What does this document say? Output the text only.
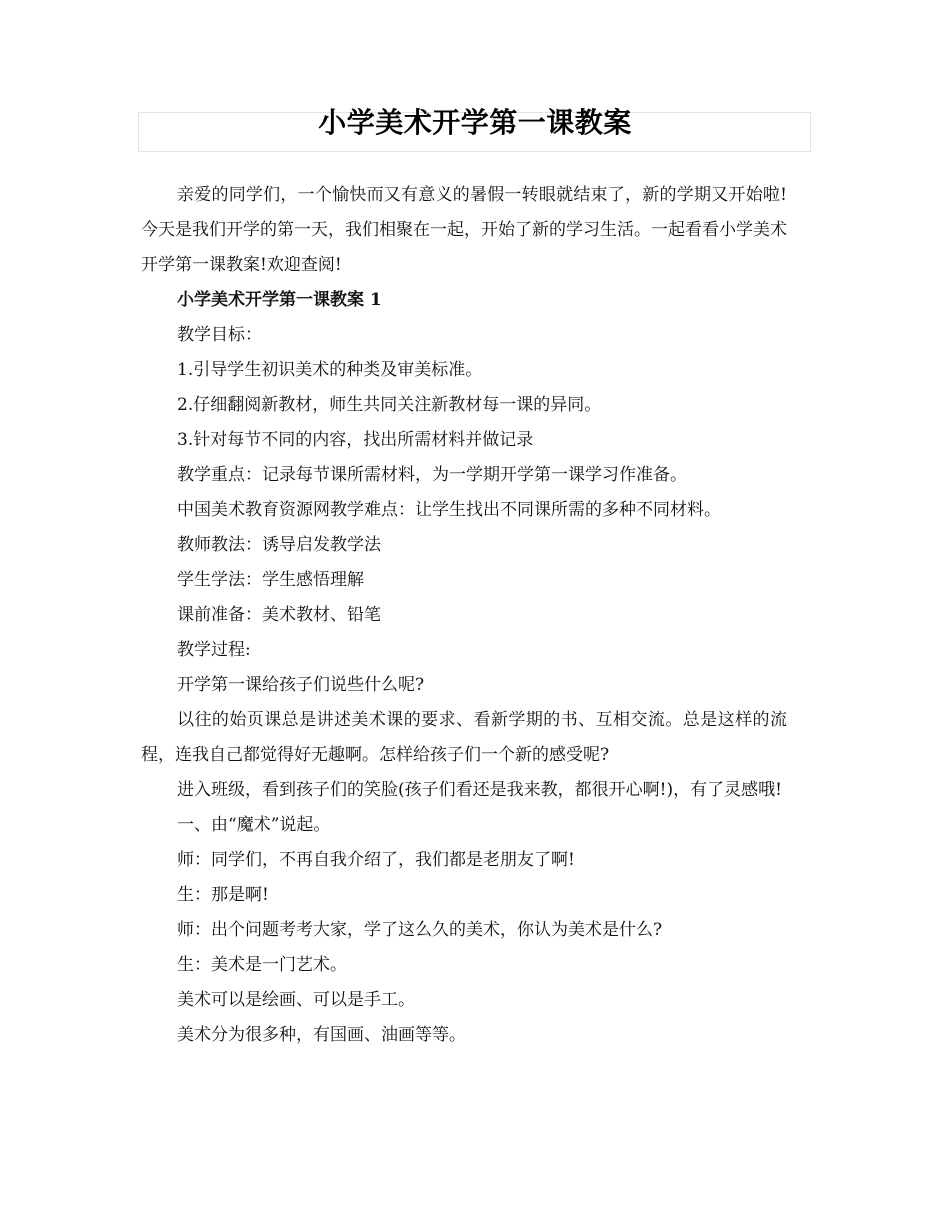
小学美术开学第一课教案

亲爱的同学们，一个愉快而又有意义的暑假一转眼就结束了，新的学期又开始啦!今天是我们开学的第一天，我们相聚在一起，开始了新的学习生活。一起看看小学美术开学第一课教案!欢迎查阅!

小学美术开学第一课教案 1

教学目标：

1.引导学生初识美术的种类及审美标准。

2.仔细翻阅新教材，师生共同关注新教材每一课的异同。

3.针对每节不同的内容，找出所需材料并做记录

教学重点：记录每节课所需材料，为一学期开学第一课学习作准备。

中国美术教育资源网教学难点：让学生找出不同课所需的多种不同材料。

教师教法：诱导启发教学法

学生学法：学生感悟理解

课前准备：美术教材、铅笔

教学过程:

开学第一课给孩子们说些什么呢?

以往的始页课总是讲述美术课的要求、看新学期的书、互相交流。总是这样的流程，连我自己都觉得好无趣啊。怎样给孩子们一个新的感受呢?

进入班级，看到孩子们的笑脸(孩子们看还是我来教，都很开心啊!)，有了灵感哦!

一、由“魔术”说起。

师：同学们，不再自我介绍了，我们都是老朋友了啊!

生：那是啊!

师：出个问题考考大家，学了这么久的美术，你认为美术是什么?

生：美术是一门艺术。

美术可以是绘画、可以是手工。

美术分为很多种，有国画、油画等等。
